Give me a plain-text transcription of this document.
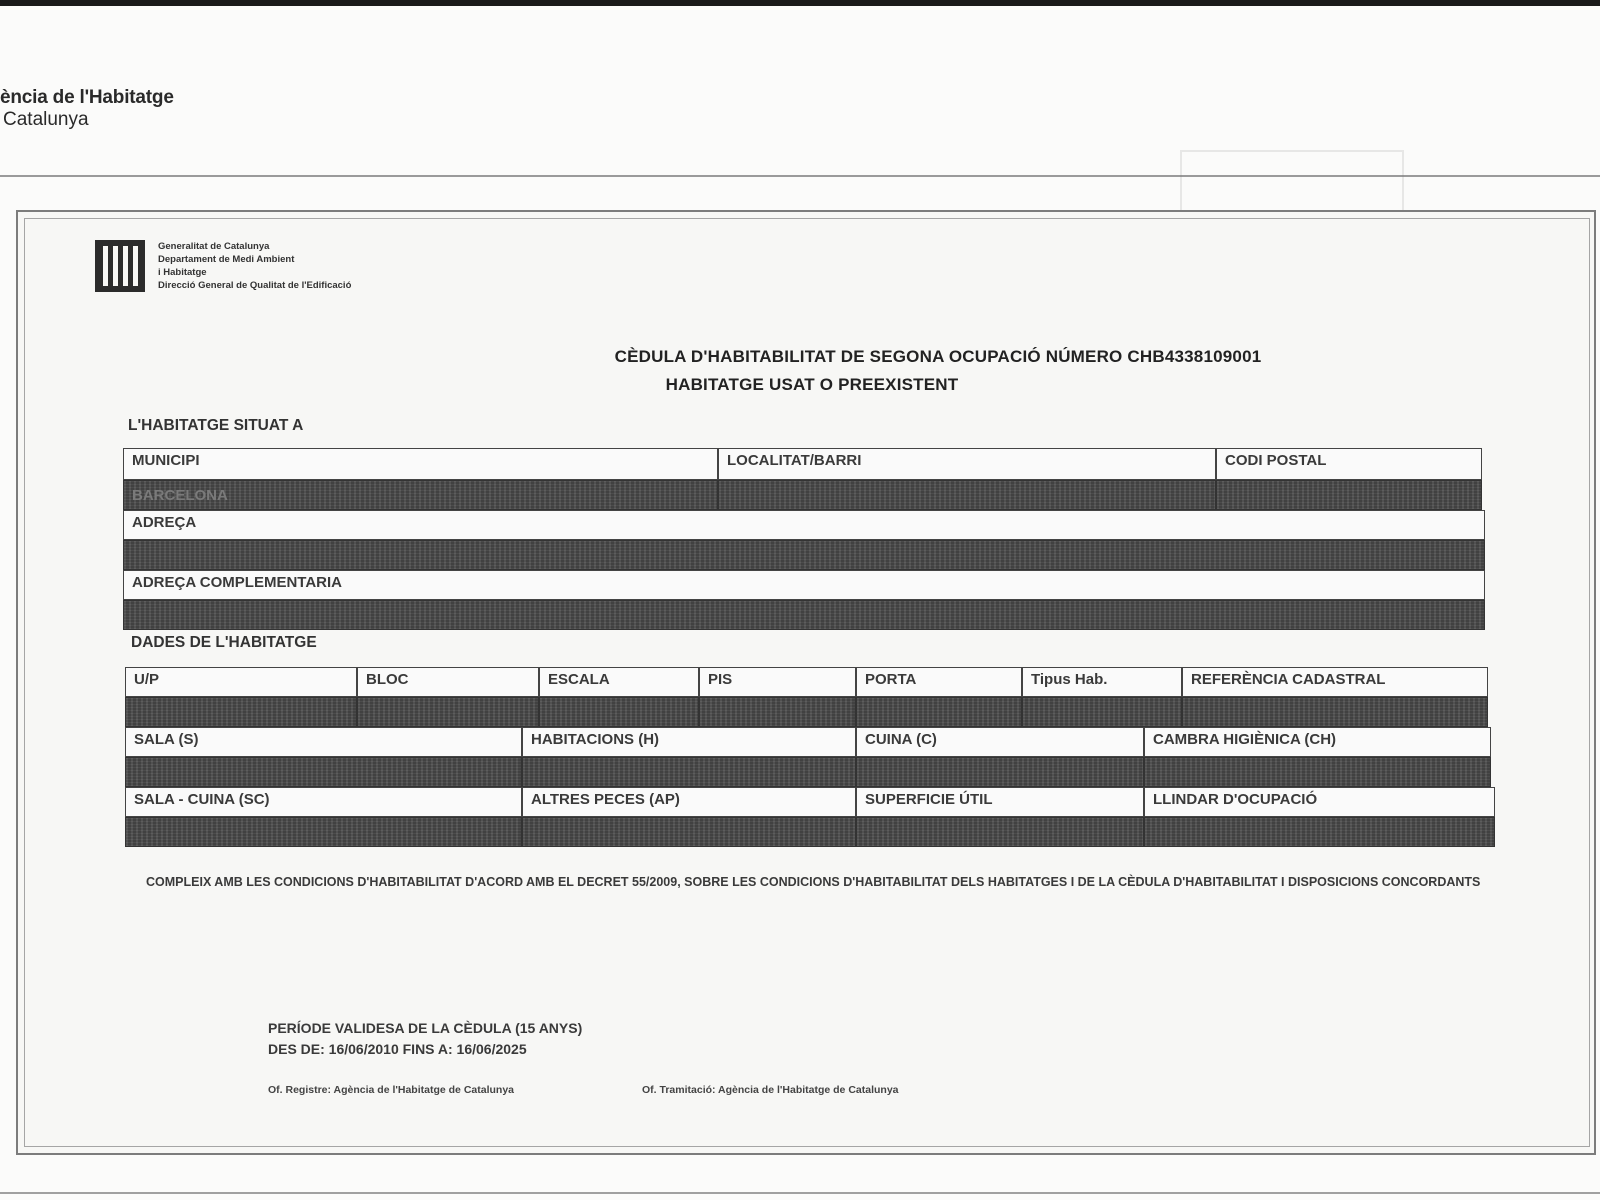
ència de l'Habitatge
Catalunya
Generalitat de Catalunya
Departament de Medi Ambient
i Habitatge
Direcció General de Qualitat de l'Edificació
CÈDULA D'HABITABILITAT DE SEGONA OCUPACIÓ NÚMERO CHB4338109001
HABITATGE USAT O PREEXISTENT
L'HABITATGE SITUAT A
MUNICIPI	LOCALITAT/BARRI	CODI POSTAL
BARCELONA
ADREÇA
ADREÇA COMPLEMENTARIA
DADES DE L'HABITATGE
U/P	BLOC	ESCALA	PIS	PORTA	Tipus Hab.	REFERÈNCIA CADASTRAL
SALA (S)	HABITACIONS (H)	CUINA (C)	CAMBRA HIGIÈNICA (CH)
SALA - CUINA (SC)	ALTRES PECES (AP)	SUPERFICIE ÚTIL	LLINDAR D'OCUPACIÓ
COMPLEIX AMB LES CONDICIONS D'HABITABILITAT D'ACORD AMB EL DECRET 55/2009, SOBRE LES CONDICIONS D'HABITABILITAT DELS HABITATGES I DE LA CÈDULA D'HABITABILITAT I DISPOSICIONS CONCORDANTS
PERÍODE VALIDESA DE LA CÈDULA (15 ANYS)
DES DE: 16/06/2010 FINS A: 16/06/2025
Of. Registre: Agència de l'Habitatge de Catalunya	Of. Tramitació: Agència de l'Habitatge de Catalunya
